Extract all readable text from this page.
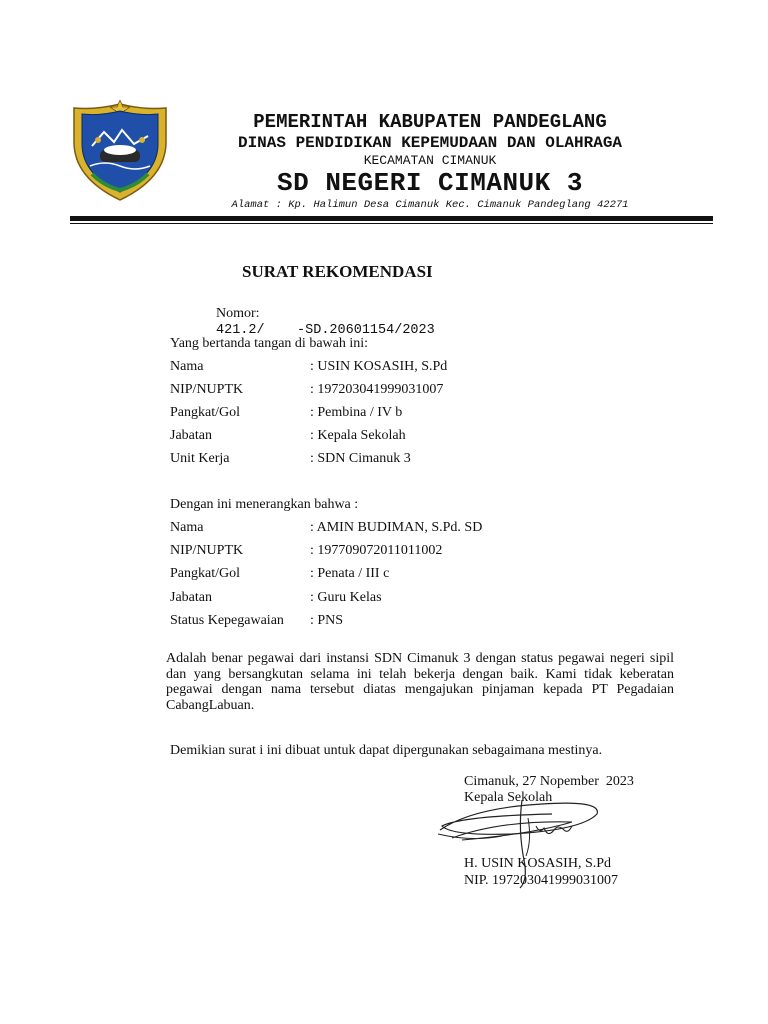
PEMERINTAH KABUPATEN PANDEGLANG
DINAS PENDIDIKAN KEPEMUDAAN DAN OLAHRAGA
KECAMATAN CIMANUK
SD NEGERI CIMANUK 3
Alamat : Kp. Halimun Desa Cimanuk Kec. Cimanuk Pandeglang 42271
SURAT REKOMENDASI

Nomor:
421.2/    -SD.20601154/2023

Yang bertanda tangan di bawah ini:
Nama	: USIN KOSASIH, S.Pd
NIP/NUPTK	: 197203041999031007
Pangkat/Gol	: Pembina / IV b
Jabatan	: Kepala Sekolah
Unit Kerja	: SDN Cimanuk 3
Dengan ini menerangkan bahwa :
Nama	: AMIN BUDIMAN, S.Pd. SD
NIP/NUPTK	: 197709072011011002
Pangkat/Gol	: Penata / III c
Jabatan	: Guru Kelas
Status Kepegawaian : PNS
Adalah benar pegawai dari instansi SDN Cimanuk 3 dengan status pegawai negeri sipil dan yang bersangkutan selama ini telah bekerja dengan baik. Kami tidak keberatan pegawai dengan nama tersebut diatas mengajukan pinjaman kepada PT Pegadaian CabangLabuan.
Demikian surat i ini dibuat untuk dapat dipergunakan sebagaimana mestinya.
Cimanuk, 27 Nopember  2023
Kepala Sekolah
H. USIN KOSASIH, S.Pd
NIP. 197203041999031007
